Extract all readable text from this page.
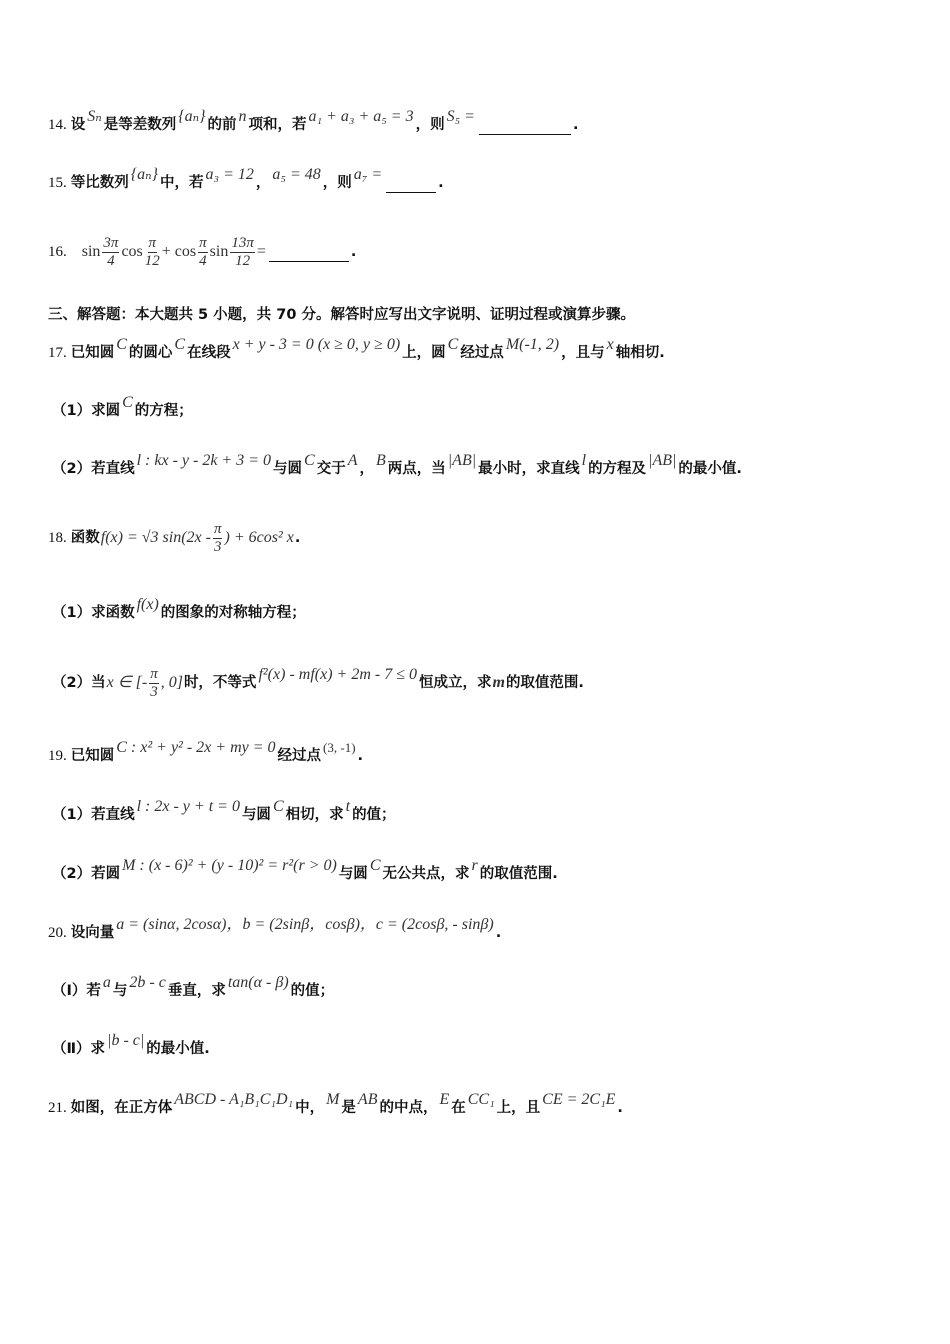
14. 设 Sₙ 是等差数列 {aₙ} 的前 n 项和，若 a₁ + a₃ + a₅ = 3 ，则 S₅ =	.
15. 等比数列 {aₙ} 中，若 a₃ = 12 ， a₅ = 48 ，则 a₇ =	.
16. $\sin \frac{3\pi}{4}$ $\cos \frac{\pi}{12} + \cos \frac{\pi}{4}$ $\sin \frac{13\pi}{12}$ =	.
三、解答题：本大题共 5 小题，共 70 分。解答时应写出文字说明、证明过程或演算步骤。
17. 已知圆 C 的圆心 C 在线段 x + y - 3 = 0 (x ≥ 0, y ≥ 0) 上，圆 C 经过点 M(-1, 2) ，且与 x 轴相切.
（1）求圆 C 的方程；
（2）若直线 l : kx - y - 2k + 3 = 0 与圆 C 交于 A ， B 两点，当 |AB| 最小时，求直线 l 的方程及 |AB| 的最小值.
18. 函数 f(x) = √3 $\sin(2x - \frac{\pi}{3}$ ) + 6cos² x .
（1）求函数 f(x) 的图象的对称轴方程；
（2）当 x ∈ [- $\frac{\pi}{3}$ , 0] 时，不等式 f²(x) - mf(x) + 2m - 7 ≤ 0 恒成立，求 m 的取值范围.
19. 已知圆 C : x² + y² - 2x + my = 0 经过点
(3, -1)
.
（1）若直线 l : 2x - y + t = 0 与圆 C 相切，求 t 的值；
（2）若圆 M : (x - 6)² + (y - 10)² = r²(r > 0) 与圆 C 无公共点，求 r 的取值范围.
20. 设向量 a = (sinα, 2cosα)，b = (2sinβ，cosβ)，c = (2cosβ, - sinβ) .
（Ⅰ）若 a 与 2b - c 垂直，求 tan(α - β) 的值；
（Ⅱ）求 |b - c| 的最小值.
21. 如图，在正方体 ABCD - A₁B₁C₁D₁ 中， M 是 AB 的中点， E 在 CC₁ 上，且 CE = 2C₁E .
